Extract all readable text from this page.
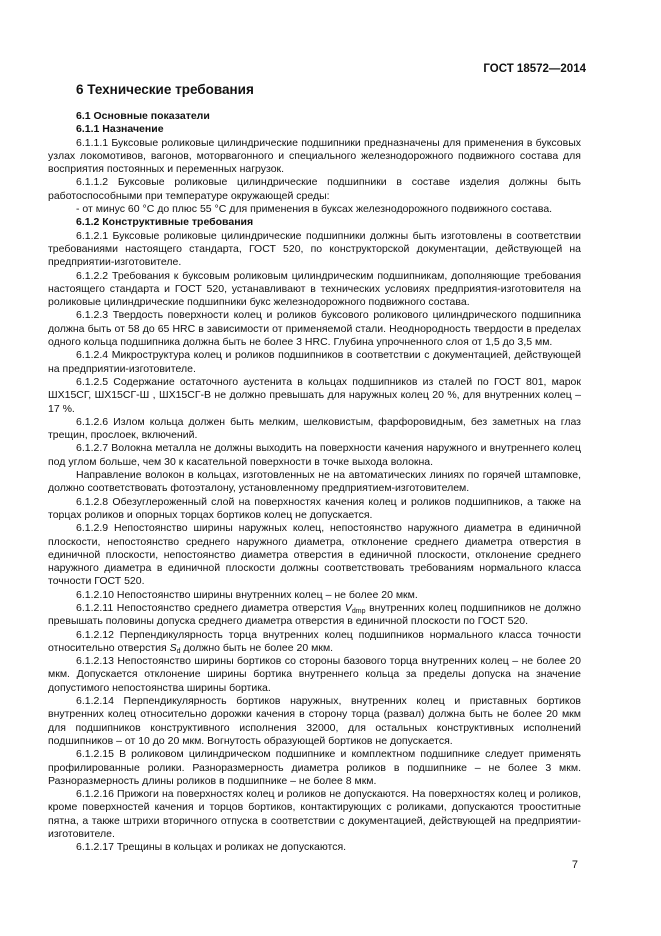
ГОСТ 18572—2014
6 Технические требования

6.1 Основные показатели

6.1.1 Назначение

6.1.1.1 Буксовые роликовые цилиндрические подшипники предназначены для применения в буксовых узлах локомотивов, вагонов, моторвагонного и специального железнодорожного подвижного состава для восприятия постоянных и переменных нагрузок.

6.1.1.2 Буксовые роликовые цилиндрические подшипники в составе изделия должны быть работоспособными при температуре окружающей среды:

- от минус 60 °С до плюс 55 °С для применения в буксах железнодорожного подвижного состава.

6.1.2 Конструктивные требования

6.1.2.1 Буксовые роликовые цилиндрические подшипники должны быть изготовлены в соответствии требованиями настоящего стандарта, ГОСТ 520, по конструкторской документации, действующей на предприятии-изготовителе.

6.1.2.2 Требования к буксовым роликовым цилиндрическим подшипникам, дополняющие требования настоящего стандарта и ГОСТ 520, устанавливают в технических условиях предприятия-изготовителя на роликовые цилиндрические подшипники букс железнодорожного подвижного состава.

6.1.2.3 Твердость поверхности колец и роликов буксового роликового цилиндрического подшипника должна быть от 58 до 65 HRC в зависимости от применяемой стали. Неоднородность твердости в пределах одного кольца подшипника должна быть не более 3 HRC. Глубина упрочненного слоя от 1,5 до 3,5 мм.

6.1.2.4 Микроструктура колец и роликов подшипников в соответствии с документацией, действующей на предприятии-изготовителе.

6.1.2.5 Содержание остаточного аустенита в кольцах подшипников из сталей по ГОСТ 801, марок ШХ15СГ, ШХ15СГ-Ш , ШХ15СГ-В не должно превышать для наружных колец 20 %, для внутренних колец – 17 %.

6.1.2.6 Излом кольца должен быть мелким, шелковистым, фарфоровидным, без заметных на глаз трещин, прослоек, включений.

6.1.2.7 Волокна металла не должны выходить на поверхности качения наружного и внутреннего колец под углом больше, чем 30 к касательной поверхности в точке выхода волокна.

Направление волокон в кольцах, изготовленных не на автоматических линиях по горячей штамповке, должно соответствовать фотоэталону, установленному предприятием-изготовителем.

6.1.2.8 Обезуглероженный слой на поверхностях качения колец и роликов подшипников, а также на торцах роликов и опорных торцах бортиков колец не допускается.

6.1.2.9 Непостоянство ширины наружных колец, непостоянство наружного диаметра в единичной плоскости, непостоянство среднего наружного диаметра, отклонение среднего диаметра отверстия в единичной плоскости, непостоянство диаметра отверстия в единичной плоскости, отклонение среднего наружного диаметра в единичной плоскости должны соответствовать требованиям нормального класса точности ГОСТ 520.

6.1.2.10 Непостоянство ширины внутренних колец – не более 20 мкм.

6.1.2.11 Непостоянство среднего диаметра отверстия $V_{dmp}$ внутренних колец подшипников не должно превышать половины допуска среднего диаметра отверстия в единичной плоскости по ГОСТ 520.

6.1.2.12 Перпендикулярность торца внутренних колец подшипников нормального класса точности относительно отверстия $S_d$ должно быть не более 20 мкм.

6.1.2.13 Непостоянство ширины бортиков со стороны базового торца внутренних колец – не более 20 мкм. Допускается отклонение ширины бортика внутреннего кольца за пределы допуска на значение допустимого непостоянства ширины бортика.

6.1.2.14 Перпендикулярность бортиков наружных, внутренних колец и приставных бортиков внутренних колец относительно дорожки качения в сторону торца (развал) должна быть не более 20 мкм для подшипников конструктивного исполнения 32000, для остальных конструктивных исполнений подшипников – от 10 до 20 мкм. Вогнутость образующей бортиков не допускается.

6.1.2.15 В роликовом цилиндрическом подшипнике и комплектном подшипнике следует применять профилированные ролики. Разноразмерность диаметра роликов в подшипнике – не более 3 мкм. Разноразмерность длины роликов в подшипнике – не более 8 мкм.

6.1.2.16 Прижоги на поверхностях колец и роликов не допускаются. На поверхностях колец и роликов, кроме поверхностей качения и торцов бортиков, контактирующих с роликами, допускаются трооститные пятна, а также штрихи вторичного отпуска в соответствии с документацией, действующей на предприятии-изготовителе.

6.1.2.17 Трещины в кольцах и роликах не допускаются.

7
